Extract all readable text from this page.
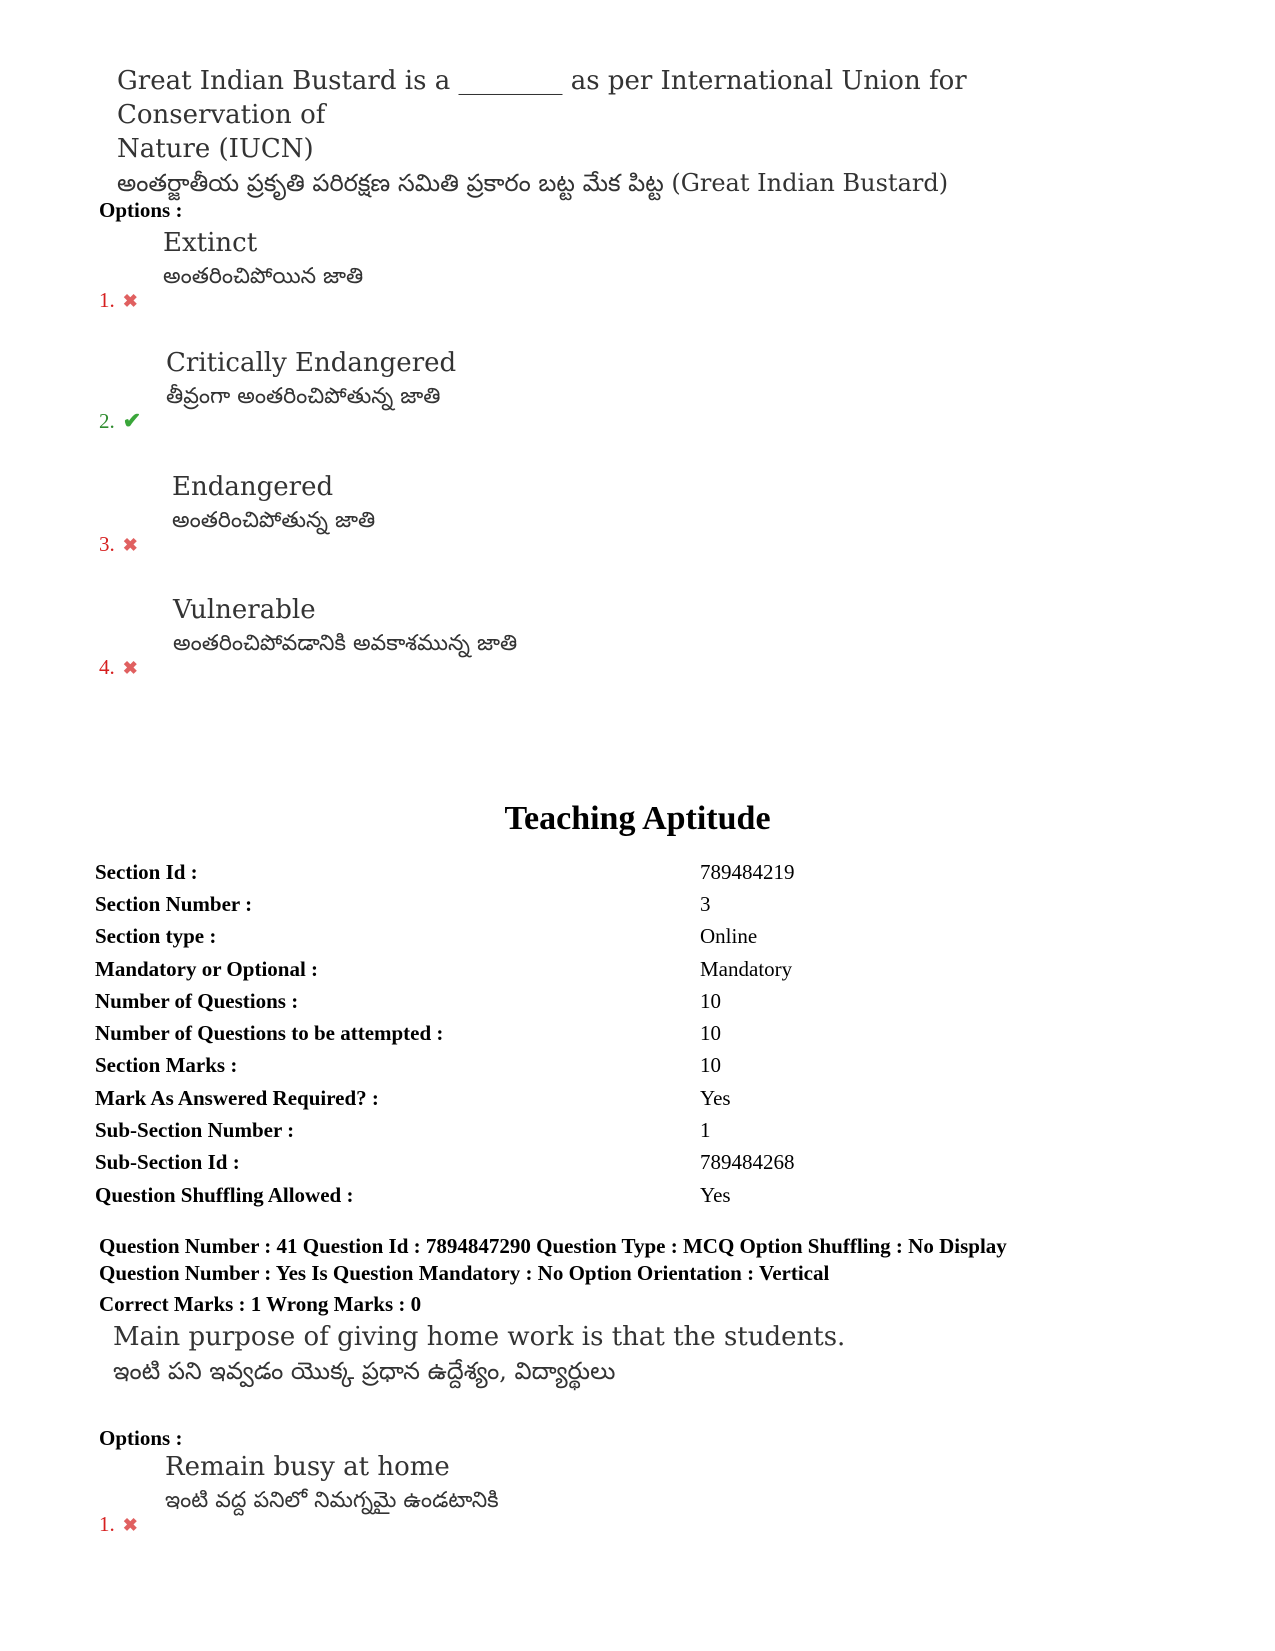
Great Indian Bustard is a ________ as per International Union for Conservation of
Nature (IUCN)
అంతర్జాతీయ ప్రకృతి పరిరక్షణ సమితి ప్రకారం బట్ట మేక పిట్ట (Great Indian Bustard)
Options :
Extinct
అంతరించిపోయిన జాతి
1. ✖
Critically Endangered
తీవ్రంగా అంతరించిపోతున్న జాతి
2. ✔
Endangered
అంతరించిపోతున్న జాతి
3. ✖
Vulnerable
అంతరించిపోవడానికి అవకాశమున్న జాతి
4. ✖
Teaching Aptitude
Section Id :	789484219
Section Number :	3
Section type :	Online
Mandatory or Optional :	Mandatory
Number of Questions :	10
Number of Questions to be attempted :	10
Section Marks :	10
Mark As Answered Required? :	Yes
Sub-Section Number :	1
Sub-Section Id :	789484268
Question Shuffling Allowed :	Yes
Question Number : 41 Question Id : 7894847290 Question Type : MCQ Option Shuffling : No Display
Question Number : Yes Is Question Mandatory : No Option Orientation : Vertical
Correct Marks : 1 Wrong Marks : 0
Main purpose of giving home work is that the students.
ఇంటి పని ఇవ్వడం యొక్క ప్రధాన ఉద్దేశ్యం, విద్యార్థులు
Options :
Remain busy at home
ఇంటి వద్ద పనిలో నిమగ్నమై ఉండటానికి
1. ✖
